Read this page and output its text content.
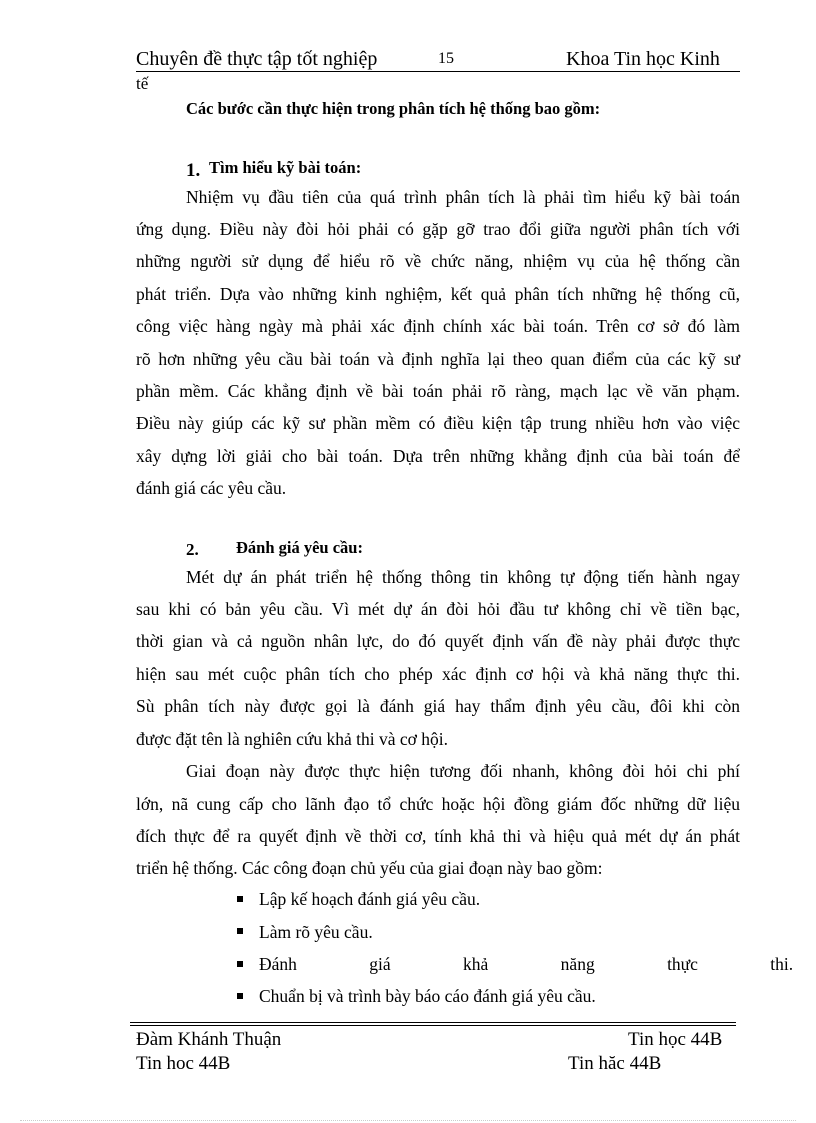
Chuyên đề thực tập tốt nghiệp	15	Khoa Tin học Kinh
tế
Các bước cần thực hiện trong phân tích hệ thống bao gồm:
1. Tìm hiểu kỹ bài toán:
Nhiệm vụ đầu tiên của quá trình phân tích là phải tìm hiểu kỹ bài toán
ứng dụng. Điều này đòi hỏi phải có gặp gỡ trao đổi giữa người phân tích với
những người sử dụng để hiểu rõ về chức năng, nhiệm vụ của hệ thống cần
phát triển. Dựa vào những kinh nghiệm, kết quả phân tích những hệ thống cũ,
công việc hàng ngày mà phải xác định chính xác bài toán. Trên cơ sở đó làm
rõ hơn những yêu cầu bài toán và định nghĩa lại theo quan điểm của các kỹ sư
phần mềm. Các khẳng định về bài toán phải rõ ràng, mạch lạc về văn phạm.
Điều này giúp các kỹ sư phần mềm có điều kiện tập trung nhiều hơn vào việc
xây dựng lời giải cho bài toán. Dựa trên những khẳng định của bài toán để
đánh giá các yêu cầu.
2. Đánh giá yêu cầu:
Mét dự án phát triển hệ thống thông tin không tự động tiến hành ngay
sau khi có bản yêu cầu. Vì mét dự án đòi hỏi đầu tư không chỉ về tiền bạc,
thời gian và cả nguồn nhân lực, do đó quyết định vấn đề này phải được thực
hiện sau mét cuộc phân tích cho phép xác định cơ hội và khả năng thực thi.
Sù phân tích này được gọi là đánh giá hay thẩm định yêu cầu, đôi khi còn
được đặt tên là nghiên cứu khả thi và cơ hội.
Giai đoạn này được thực hiện tương đối nhanh, không đòi hỏi chi phí
lớn, nã cung cấp cho lãnh đạo tổ chức hoặc hội đồng giám đốc những dữ liệu
đích thực để ra quyết định về thời cơ, tính khả thi và hiệu quả mét dự án phát
triển hệ thống. Các công đoạn chủ yếu của giai đoạn này bao gồm:
Lập kế hoạch đánh giá yêu cầu.
Làm rõ yêu cầu.
Đánh giá khả năng thực thi.
Chuẩn bị và trình bày báo cáo đánh giá yêu cầu.
Đàm Khánh Thuận	Tin học 44B
Tin hoc 44B	Tin hăc 44B
